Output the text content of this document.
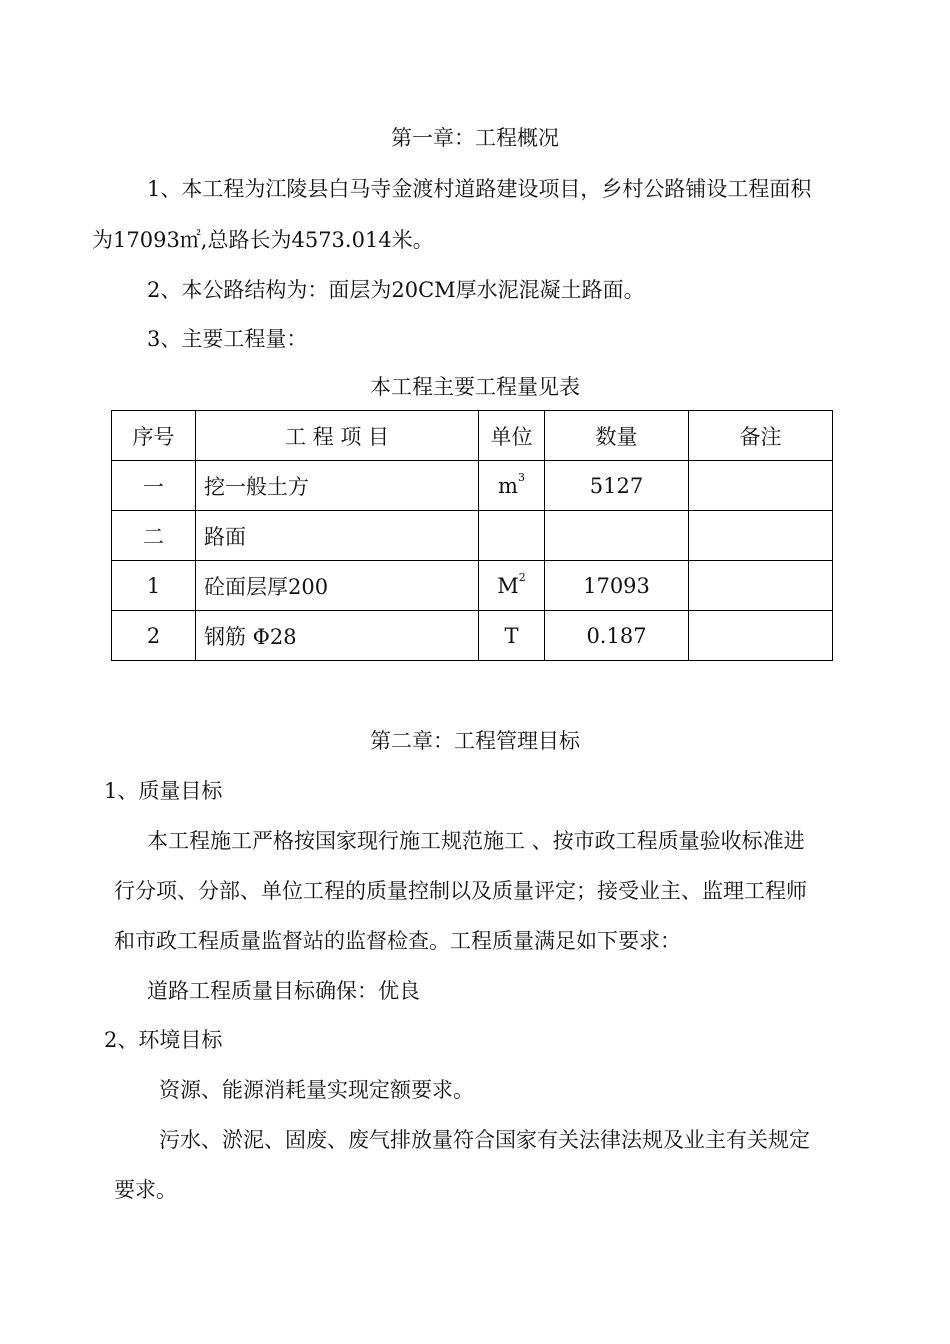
第一章：工程概况
1、本工程为江陵县白马寺金渡村道路建设项目，乡村公路铺设工程面积
为17093㎡,总路长为4573.014米。
2、本公路结构为：面层为20CM厚水泥混凝土路面。
3、主要工程量：
本工程主要工程量见表
序号	工 程 项 目	单位	数量	备注
一	挖一般土方	$m^3$	5127	
二	路面			
1	砼面层厚200	$M^2$	17093	
2	钢筋 Φ28	T	0.187	
第二章：工程管理目标
1、质量目标
本工程施工严格按国家现行施工规范施工 、按市政工程质量验收标准进
行分项、分部、单位工程的质量控制以及质量评定；接受业主、监理工程师
和市政工程质量监督站的监督检查。工程质量满足如下要求：
道路工程质量目标确保：优良
2、环境目标
资源、能源消耗量实现定额要求。
污水、淤泥、固废、废气排放量符合国家有关法律法规及业主有关规定
要求。
